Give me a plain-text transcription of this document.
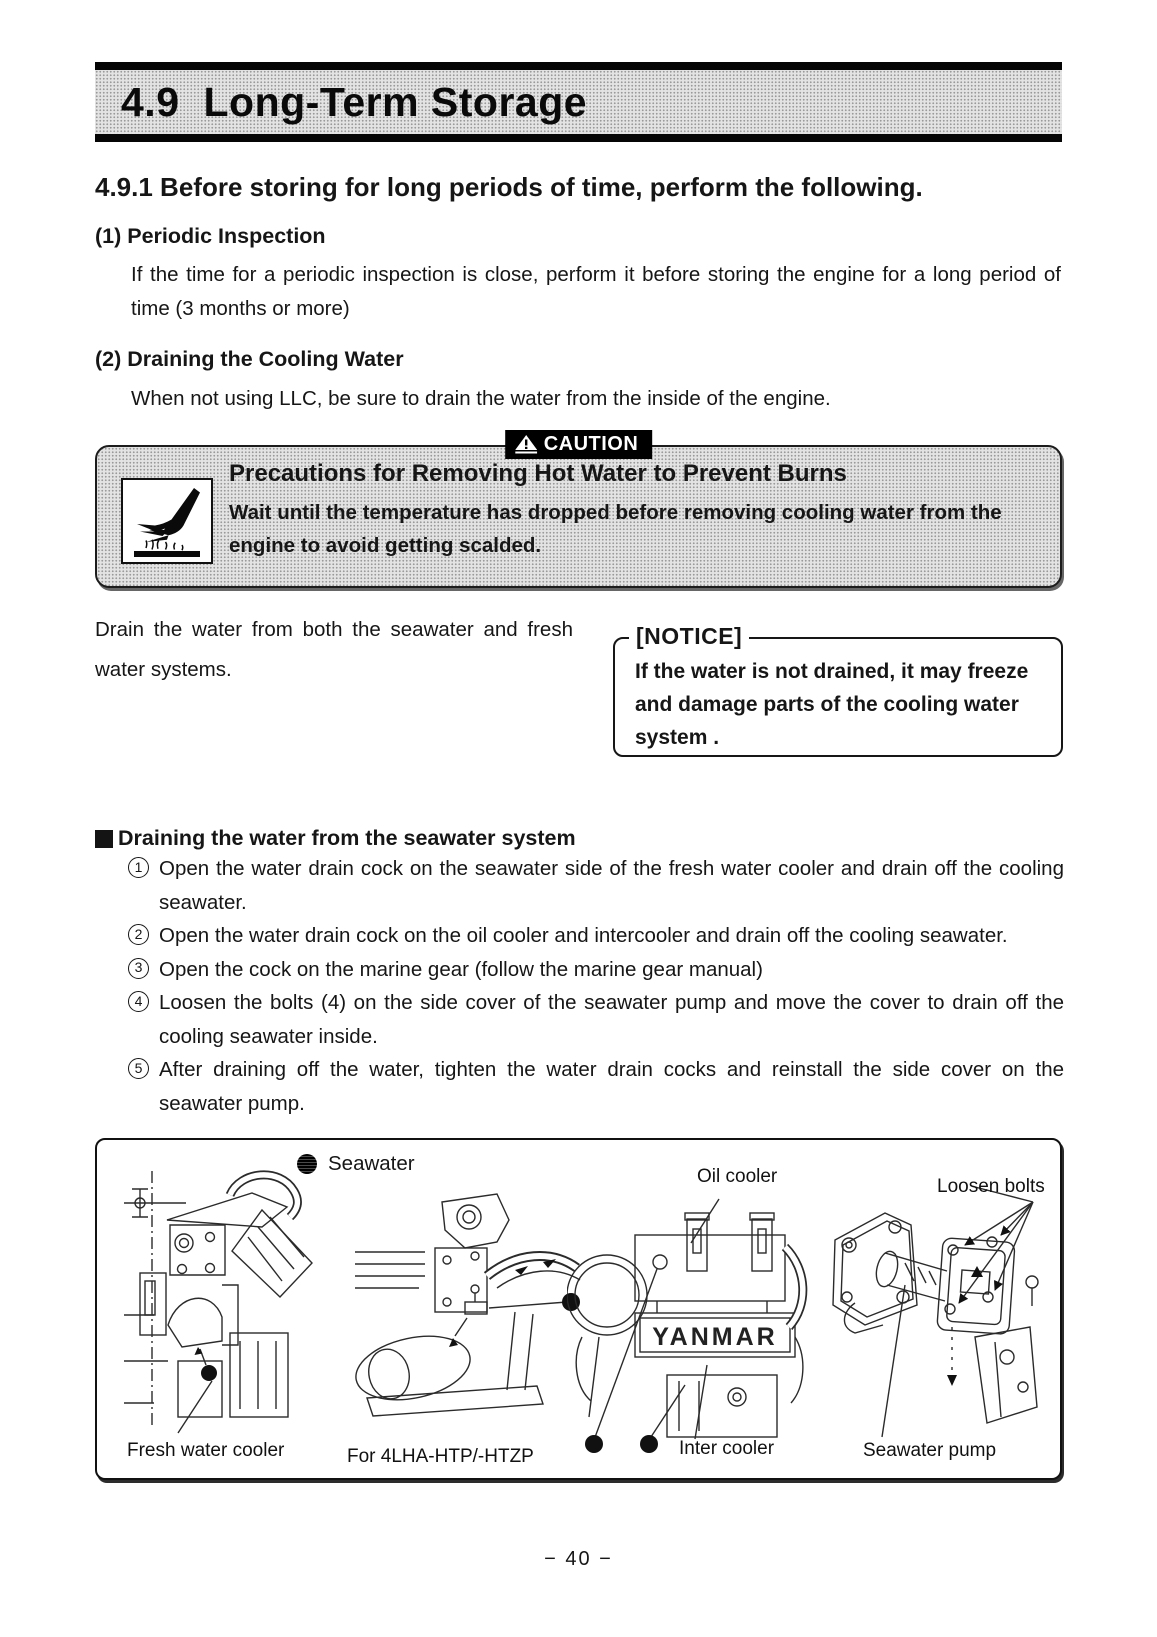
4.9 Long-Term Storage
4.9.1 Before storing for long periods of time, perform the following.
(1) Periodic Inspection
If the time for a periodic inspection is close, perform it before storing the engine for a long period of time (3 months or more)
(2) Draining the Cooling Water
When not using LLC, be sure to drain the water from the inside of the engine.
CAUTION
Precautions for Removing Hot Water to Prevent Burns
Wait until the temperature has dropped before removing cooling water from the engine to avoid getting scalded.
Drain the water from both the seawater and fresh water systems.
[NOTICE]
If the water is not drained, it may freeze and damage parts of the cooling water system .
Draining the water from the seawater system
1 Open the water drain cock on the seawater side of the fresh water cooler and drain off the cooling seawater.
2 Open the water drain cock on the oil cooler and intercooler and drain off the cooling seawater.
3 Open the cock on the marine gear (follow the marine gear manual)
4 Loosen the bolts (4) on the side cover of the seawater pump and move the cover to drain off the cooling seawater inside.
5 After draining off the water, tighten the water drain cocks and reinstall the side cover on the seawater pump.
Seawater
YANMAR
Oil cooler	Loosen bolts
Fresh water cooler	For 4LHA-HTP/-HTZP	Inter cooler	Seawater pump
− 40 −
